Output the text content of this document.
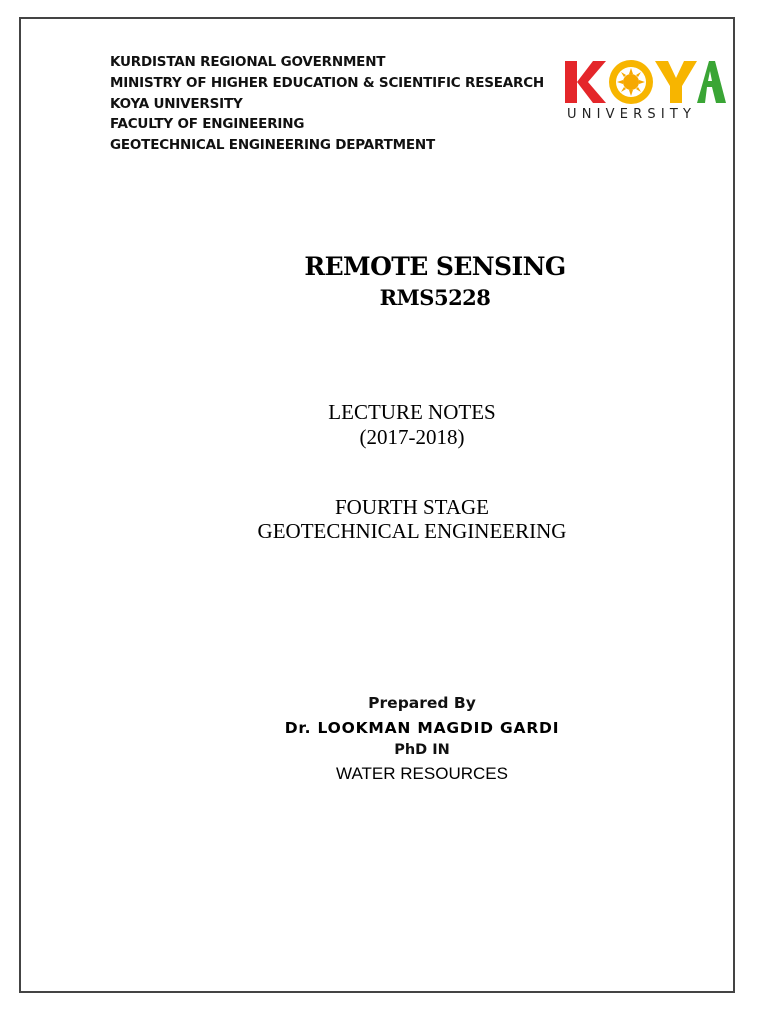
KURDISTAN REGIONAL GOVERNMENT
MINISTRY OF HIGHER EDUCATION & SCIENTIFIC RESEARCH
KOYA UNIVERSITY
FACULTY OF ENGINEERING
GEOTECHNICAL ENGINEERING DEPARTMENT
UNIVERSITY
REMOTE SENSING
RMS5228
LECTURE NOTES
(2017-2018)
FOURTH STAGE
GEOTECHNICAL ENGINEERING
Prepared By
Dr. LOOKMAN MAGDID GARDI
PhD IN
WATER RESOURCES
